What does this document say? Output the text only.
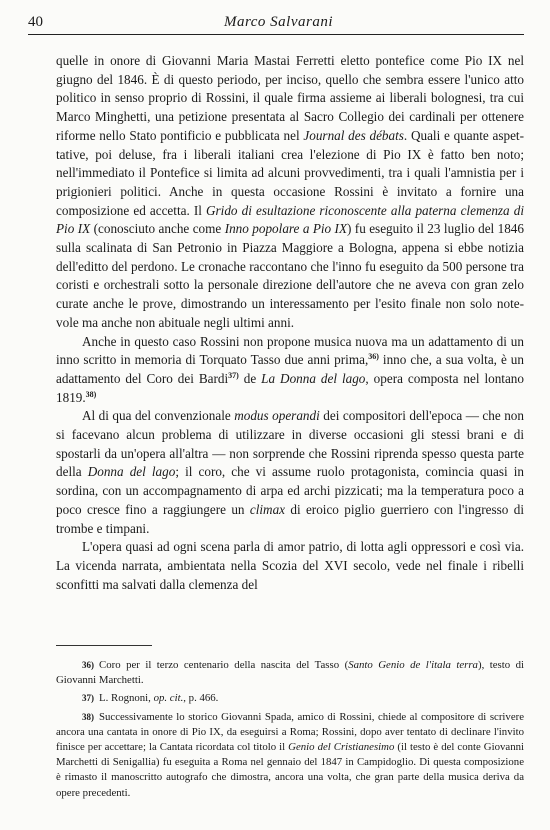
40	Marco Salvarani

quelle in onore di Giovanni Maria Mastai Ferretti eletto pontefice come Pio IX nel giugno del 1846. È di questo periodo, per inciso, quello che sembra essere l'unico atto politico in senso proprio di Rossini, il quale firma assieme ai liberali bolognesi, tra cui Marco Minghetti, una petizione presentata al Sacro Collegio dei cardinali per ottenere riforme nello Stato pontificio e pubblicata nel Journal des débats. Quali e quante aspettative, poi deluse, fra i liberali italiani crea l'elezione di Pio IX è fatto ben noto; nell'immediato il Pontefice si limita ad alcuni provvedimenti, tra i quali l'amnistia per i prigionieri politici. Anche in questa occasione Rossini è invitato a fornire una composizione ed accetta. Il Grido di esultazione riconoscente alla paterna clemenza di Pio IX (conosciuto anche come Inno popolare a Pio IX) fu eseguito il 23 luglio del 1846 sulla scalinata di San Petronio in Piazza Maggiore a Bologna, appena si ebbe notizia dell'editto del perdono. Le cronache raccontano che l'inno fu eseguito da 500 persone tra coristi e orchestrali sotto la personale direzione dell'autore che ne aveva con gran zelo curate anche le prove, dimostrando un interessamento per l'esito finale non solo notevole ma anche non abituale negli ultimi anni.

Anche in questo caso Rossini non propone musica nuova ma un adattamento di un inno scritto in memoria di Torquato Tasso due anni prima,$^{36)}$ inno che, a sua volta, è un adattamento del Coro dei Bardi$^{37)}$ de La Donna del lago, opera composta nel lontano 1819.$^{38)}$

Al di qua del convenzionale modus operandi dei compositori dell'epoca — che non si facevano alcun problema di utilizzare in diverse occasioni gli stessi brani e di spostarli da un'opera all'altra — non sorprende che Rossini riprenda spesso questa parte della Donna del lago; il coro, che vi assume ruolo protagonista, comincia quasi in sordina, con un accompagnamento di arpa ed archi pizzicati; ma la temperatura poco a poco cresce fino a raggiungere un climax di eroico piglio guerriero con l'ingresso di trombe e timpani.

L'opera quasi ad ogni scena parla di amor patrio, di lotta agli oppressori e così via. La vicenda narrata, ambientata nella Scozia del XVI secolo, vede nel finale i ribelli sconfitti ma salvati dalla clemenza del

36) Coro per il terzo centenario della nascita del Tasso (Santo Genio de l'itala terra), testo di Giovanni Marchetti.

37) L. Rognoni, op. cit., p. 466.

38) Successivamente lo storico Giovanni Spada, amico di Rossini, chiede al compositore di scrivere ancora una cantata in onore di Pio IX, da eseguirsi a Roma; Rossini, dopo aver tentato di declinare l'invito finisce per accettare; la Cantata ricordata col titolo il Genio del Cristianesimo (il testo è del conte Giovanni Marchetti di Senigallia) fu eseguita a Roma nel gennaio del 1847 in Campidoglio. Di questa composizione è rimasto il manoscritto autografo che dimostra, ancora una volta, che gran parte della musica deriva da opere precedenti.
